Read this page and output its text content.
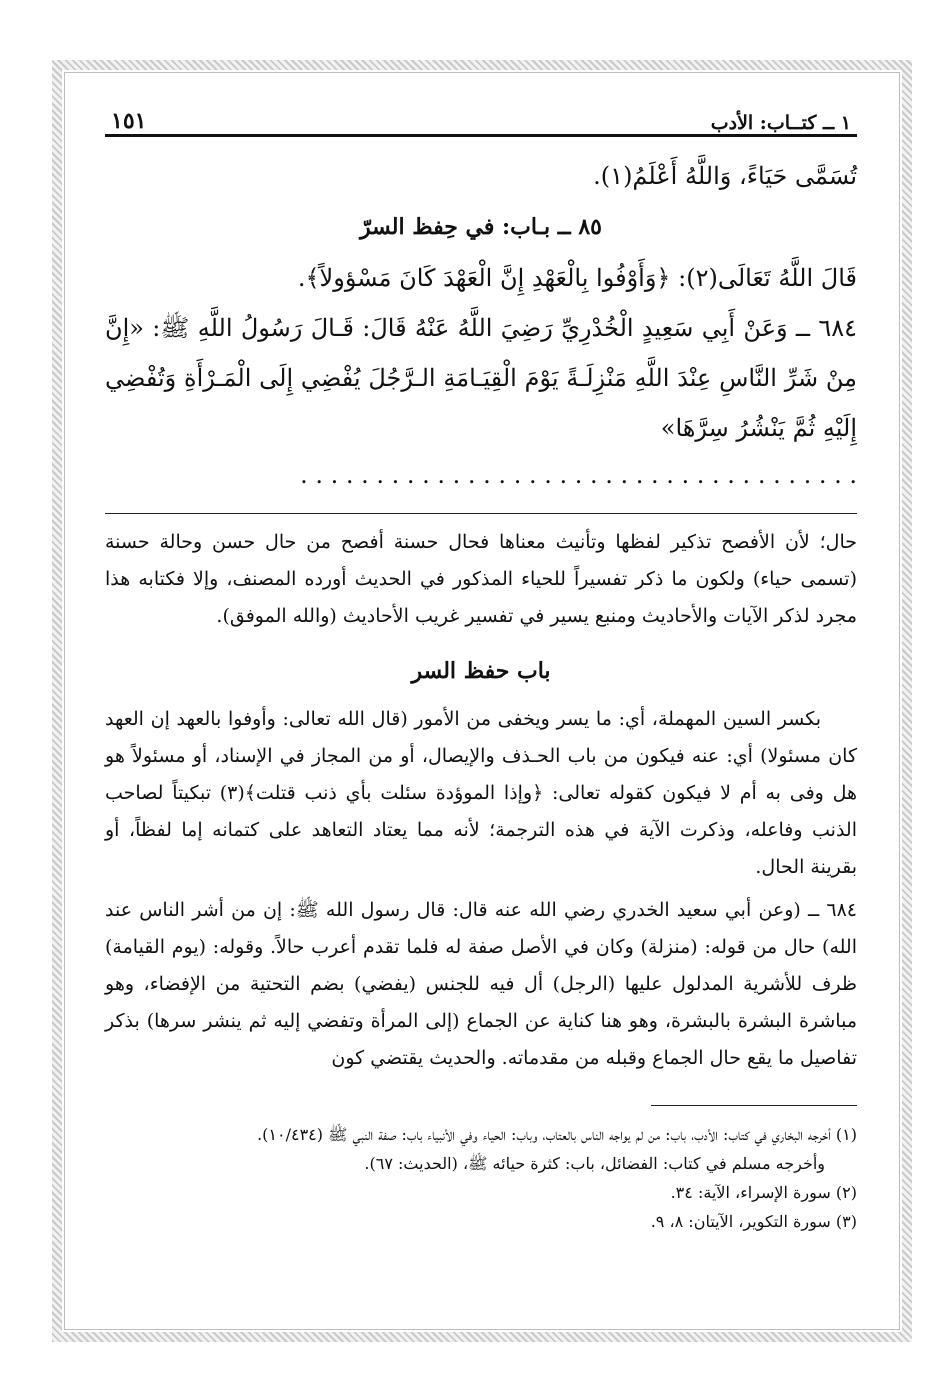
١ ــ كتــاب: الأدب
١٥١

تُسَمَّى حَيَاءً، وَاللَّهُ أَعْلَمُ(١).

٨٥ ــ بـاب: في حِفظ السرّ

قَالَ اللَّهُ تَعَالَى(٢): ﴿وَأَوْفُوا بِالْعَهْدِ إِنَّ الْعَهْدَ كَانَ مَسْؤولاً﴾.

٦٨٤ ــ وَعَنْ أَبِي سَعِيدٍ الْخُدْرِيِّ رَضِيَ اللَّهُ عَنْهُ قَالَ: قَـالَ رَسُولُ اللَّهِ ﷺ: «إِنَّ مِنْ شَرِّ النَّاسِ عِنْدَ اللَّهِ مَنْزِلَـةً يَوْمَ الْقِيَـامَةِ الـرَّجُلَ يُفْضِي إِلَى الْمَـرْأَةِ وَتُفْضِي إِلَيْهِ ثُمَّ يَنْشُرُ سِرَّهَا»

. . . . . . . . . . . . . . . . . . . . . . . . . . . . . . . . . . . . .

حال؛ لأن الأفصح تذكير لفظها وتأنيث معناها فحال حسنة أفصح من حال حسن وحالة حسنة (تسمى حياء) ولكون ما ذكر تفسيراً للحياء المذكور في الحديث أورده المصنف، وإلا فكتابه هذا مجرد لذكر الآيات والأحاديث ومنبع يسير في تفسير غريب الأحاديث (والله الموفق).

باب حفظ السر

بكسر السين المهملة، أي: ما يسر ويخفى من الأمور (قال الله تعالى: وأوفوا بالعهد إن العهد كان مسئولا) أي: عنه فيكون من باب الحـذف والإيصال، أو من المجاز في الإسناد، أو مسئولاً هو هل وفى به أم لا فيكون كقوله تعالى: ﴿وإذا الموؤدة سئلت بأي ذنب قتلت﴾(٣) تبكيتاً لصاحب الذنب وفاعله، وذكرت الآية في هذه الترجمة؛ لأنه مما يعتاد التعاهد على كتمانه إما لفظاً، أو بقرينة الحال.

٦٨٤ ــ (وعن أبي سعيد الخدري رضي الله عنه قال: قال رسول الله ﷺ: إن من أشر الناس عند الله) حال من قوله: (منزلة) وكان في الأصل صفة له فلما تقدم أعرب حالاً. وقوله: (يوم القيامة) ظرف للأشرية المدلول عليها (الرجل) أل فيه للجنس (يفضي) بضم التحتية من الإفضاء، وهو مباشرة البشرة بالبشرة، وهو هنا كناية عن الجماع (إلى المرأة وتفضي إليه ثم ينشر سرها) بذكر تفاصيل ما يقع حال الجماع وقبله من مقدماته. والحديث يقتضي كون

(١) أخرجه البخاري في كتاب: الأدب، باب: من لم يواجه الناس بالعتاب، وباب: الحياء وفي الأنبياء باب: صفة النبي ﷺ (١٠/٤٣٤).

وأخرجه مسلم في كتاب: الفضائل، باب: كثرة حيائه ﷺ، (الحديث: ٦٧).

(٢) سورة الإسراء، الآية: ٣٤.

(٣) سورة التكوير، الآيتان: ٨، ٩.
